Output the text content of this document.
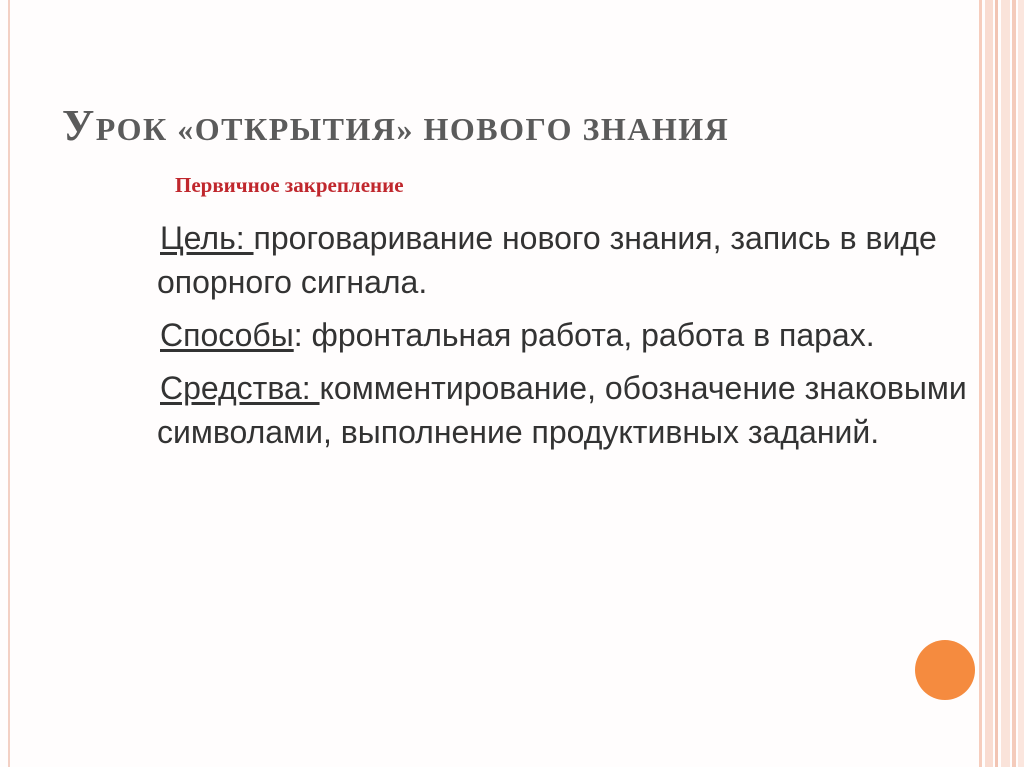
УРОК «ОТКРЫТИЯ» НОВОГО ЗНАНИЯ
Первичное закрепление

Цель: проговаривание нового знания, запись в виде опорного сигнала.

Способы: фронтальная работа, работа в парах.

Средства: комментирование, обозначение знаковыми символами, выполнение продуктивных заданий.
